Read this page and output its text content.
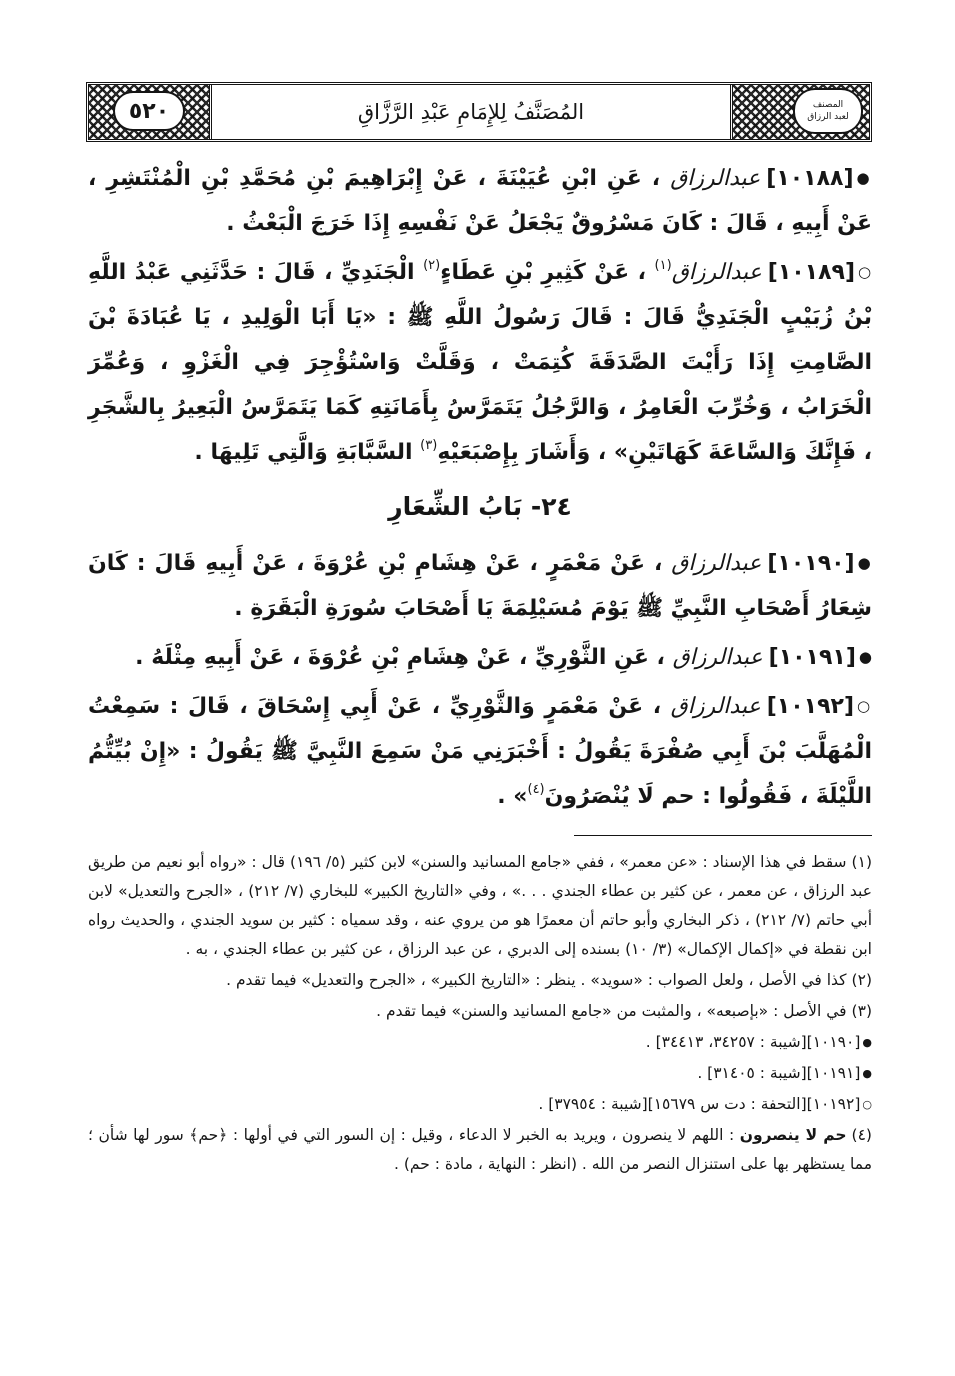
٥٢٠	المُصَنَّفُ لِلإِمَامِ عَبْدِ الرَّزَّاقِ	المصنف
لعبد الرزاق

●[١٠١٨٨]عبدالرزاق ، عَنِ ابْنِ عُيَيْنَةَ ، عَنْ إِبْرَاهِيمَ بْنِ مُحَمَّدِ بْنِ الْمُنْتَشِرِ ، عَنْ أَبِيهِ ، قَالَ : كَانَ مَسْرُوقٌ يَجْعَلُ عَنْ نَفْسِهِ إِذَا خَرَجَ الْبَعْثُ .

○[١٠١٨٩]عبدالرزاق$^{(١)}$ ، عَنْ كَثِيرِ بْنِ عَطَاءٍ$^{(٢)}$ الْجَنَدِيِّ ، قَالَ : حَدَّثَنِي عَبْدُ اللَّهِ بْنُ زُبَيْبٍ الْجَنَدِيُّ قَالَ : قَالَ رَسُولُ اللَّهِ ﷺ : «يَا أَبَا الْوَلِيدِ ، يَا عُبَادَةَ بْنَ الصَّامِتِ إِذَا رَأَيْتَ الصَّدَقَةَ كُتِمَتْ ، وَقَلَّتْ وَاسْتُؤْجِرَ فِي الْغَزْوِ ، وَعُمِّرَ الْخَرَابُ ، وَخُرِّبَ الْعَامِرُ ، وَالرَّجُلُ يَتَمَرَّسُ بِأَمَانَتِهِ كَمَا يَتَمَرَّسُ الْبَعِيرُ بِالشَّجَرِ ، فَإِنَّكَ وَالسَّاعَةَ كَهَاتَيْنِ» ، وَأَشَارَ بِإِصْبَعَيْهِ$^{(٣)}$ السَّبَّابَةِ وَالَّتِي تَلِيهَا .

٢٤- بَابُ الشِّعَارِ

●[١٠١٩٠]عبدالرزاق ، عَنْ مَعْمَرٍ ، عَنْ هِشَامِ بْنِ عُرْوَةَ ، عَنْ أَبِيهِ قَالَ : كَانَ شِعَارُ أَصْحَابِ النَّبِيِّ ﷺ يَوْمَ مُسَيْلِمَةَ يَا أَصْحَابَ سُورَةِ الْبَقَرَةِ .

●[١٠١٩١]عبدالرزاق ، عَنِ الثَّوْرِيِّ ، عَنْ هِشَامِ بْنِ عُرْوَةَ ، عَنْ أَبِيهِ مِثْلَهُ .

○[١٠١٩٢]عبدالرزاق ، عَنْ مَعْمَرٍ وَالثَّوْرِيِّ ، عَنْ أَبِي إِسْحَاقَ ، قَالَ : سَمِعْتُ الْمُهَلَّبَ بْنَ أَبِي صُفْرَةَ يَقُولُ : أَخْبَرَنِي مَنْ سَمِعَ النَّبِيَّ ﷺ يَقُولُ : «إِنْ بُيِّتُّمُ اللَّيْلَةَ ، فَقُولُوا : حم لَا يُنْصَرُونَ$^{(٤)}$» .

(١)سقط في هذا الإسناد : «عن معمر» ، ففي «جامع المسانيد والسنن» لابن كثير (٥/ ١٩٦) قال : «رواه أبو نعيم من طريق عبد الرزاق ، عن معمر ، عن كثير بن عطاء الجندي . . .» ، وفي «التاريخ الكبير» للبخاري (٧/ ٢١٢) ، «الجرح والتعديل» لابن أبي حاتم (٧/ ٢١٢) ، ذكر البخاري وأبو حاتم أن معمرًا هو من يروي عنه ، وقد سمياه : كثير بن سويد الجندي ، والحديث رواه ابن نقطة في «إكمال الإكمال» (٣/ ١٠) بسنده إلى الدبري ، عن عبد الرزاق ، عن كثير بن عطاء الجندي ، به .

(٢)كذا في الأصل ، ولعل الصواب : «سويد» . ينظر : «التاريخ الكبير» ، «الجرح والتعديل» فيما تقدم .

(٣)في الأصل : «بإصبعه» ، والمثبت من «جامع المسانيد والسنن» فيما تقدم .

●[١٠١٩٠][شيبة : ٣٤٢٥٧، ٣٤٤١٣] .

●[١٠١٩١][شيبة : ٣١٤٠٥] .

○[١٠١٩٢][التحفة : دت س ١٥٦٧٩][شيبة : ٣٧٩٥٤] .

(٤)حم لا ينصرون : اللهم لا ينصرون ، ويريد به الخبر لا الدعاء ، وقيل : إن السور التي في أولها : ﴿حم﴾ سور لها شأن ؛ مما يستظهر بها على استنزال النصر من الله . (انظر : النهاية ، مادة : حم) .
